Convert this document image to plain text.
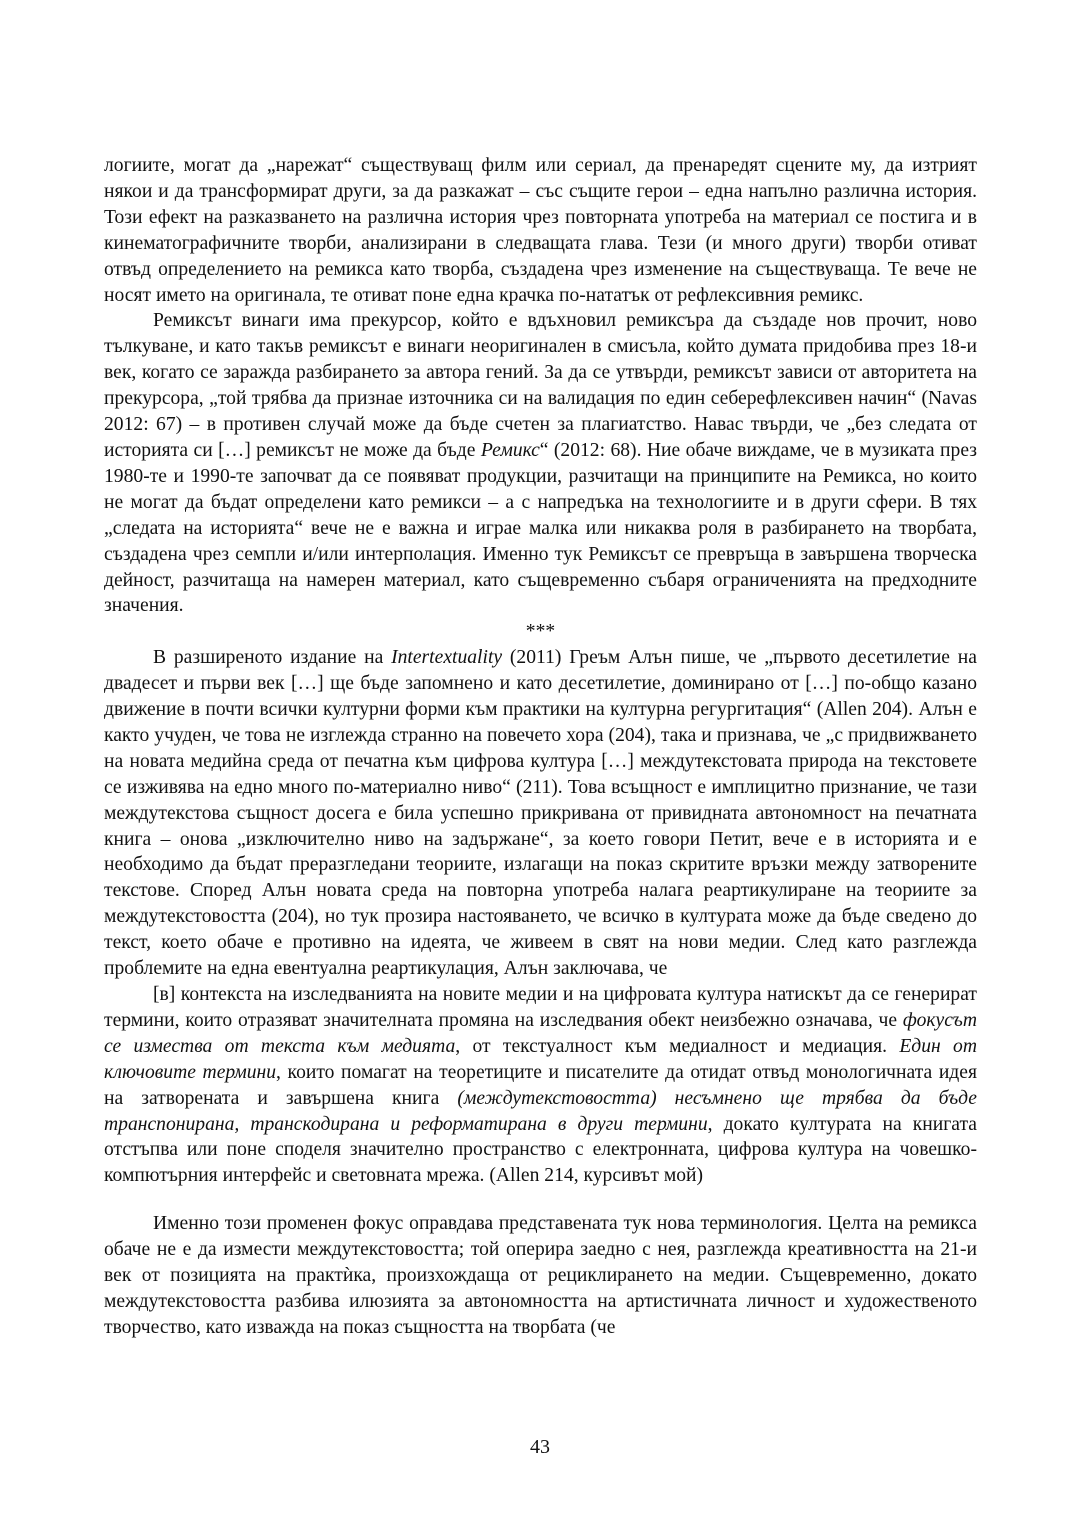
логиите, могат да „нарежат“ съществуващ филм или сериал, да пренаредят сцените му, да изтрият някои и да трансформират други, за да разкажат – със същите герои – една напълно различна история. Този ефект на разказването на различна история чрез повторната употреба на материал се постига и в кинематографичните творби, анализирани в следващата глава. Тези (и много други) творби отиват отвъд определението на ремикса като творба, създадена чрез изменение на съществуваща. Те вече не носят името на оригинала, те отиват поне една крачка по-нататък от рефлексивния ремикс.

Ремиксът винаги има прекурсор, който е вдъхновил ремиксъра да създаде нов прочит, ново тълкуване, и като такъв ремиксът е винаги неоригинален в смисъла, който думата придобива през 18-и век, когато се заражда разбирането за автора гений. За да се утвърди, ремиксът зависи от авторитета на прекурсора, „той трябва да признае източника си на валидация по един себерефлексивен начин“ (Navas 2012: 67) – в противен случай може да бъде счетен за плагиатство. Навас твърди, че „без следата от историята си […] ремиксът не може да бъде Ремикс“ (2012: 68). Ние обаче виждаме, че в музиката през 1980-те и 1990-те започват да се появяват продукции, разчитащи на принципите на Ремикса, но които не могат да бъдат определени като ремикси – а с напредъка на технологиите и в други сфери. В тях „следата на историята“ вече не е важна и играе малка или никаква роля в разбирането на творбата, създадена чрез семпли и/или интерполация. Именно тук Ремиксът се превръща в завършена творческа дейност, разчитаща на намерен материал, като същевременно събаря ограниченията на предходните значения.

***

В разширеното издание на Intertextuality (2011) Греъм Алън пише, че „първото десетилетие на двадесет и първи век […] ще бъде запомнено и като десетилетие, доминирано от […] по-общо казано движение в почти всички културни форми към практики на културна регургитация“ (Allen 204). Алън е както учуден, че това не изглежда странно на повечето хора (204), така и признава, че „с придвижването на новата медийна среда от печатна към цифрова култура […] междутекстовата природа на текстовете се изживява на едно много по-материално ниво“ (211). Това всъщност е имплицитно признание, че тази междутекстова същност досега е била успешно прикривана от привидната автономност на печатната книга – онова „изключително ниво на задържане“, за което говори Петит, вече е в историята и е необходимо да бъдат преразгледани теориите, излагащи на показ скритите връзки между затворените текстове. Според Алън новата среда на повторна употреба налага реартикулиране на теориите за междутекстовостта (204), но тук прозира настояването, че всичко в културата може да бъде сведено до текст, което обаче е противно на идеята, че живеем в свят на нови медии. След като разглежда проблемите на една евентуална реартикулация, Алън заключава, че

[в] контекста на изследванията на новите медии и на цифровата култура натискът да се генерират термини, които отразяват значителната промяна на изследвания обект неизбежно означава, че фокусът се измества от текста към медията, от текстуалност към медиалност и медиация. Един от ключовите термини, които помагат на теоретиците и писателите да отидат отвъд монологичната идея на затворената и завършена книга (междутекстовостта) несъмнено ще трябва да бъде транспонирана, транскодирана и реформатирана в други термини, докато културата на книгата отстъпва или поне споделя значително пространство с електронната, цифрова култура на човешко-компютърния интерфейс и световната мрежа. (Allen 214, курсивът мой)

Именно този променен фокус оправдава представената тук нова терминология. Целта на ремикса обаче не е да измести междутекстовостта; той оперира заедно с нея, разглежда креативността на 21-и век от позицията на практѝка, произхождаща от рециклирането на медии. Същевременно, докато междутекстовостта разбива илюзията за автономността на артистичната личност и художественото творчество, като изважда на показ същността на творбата (че

43
